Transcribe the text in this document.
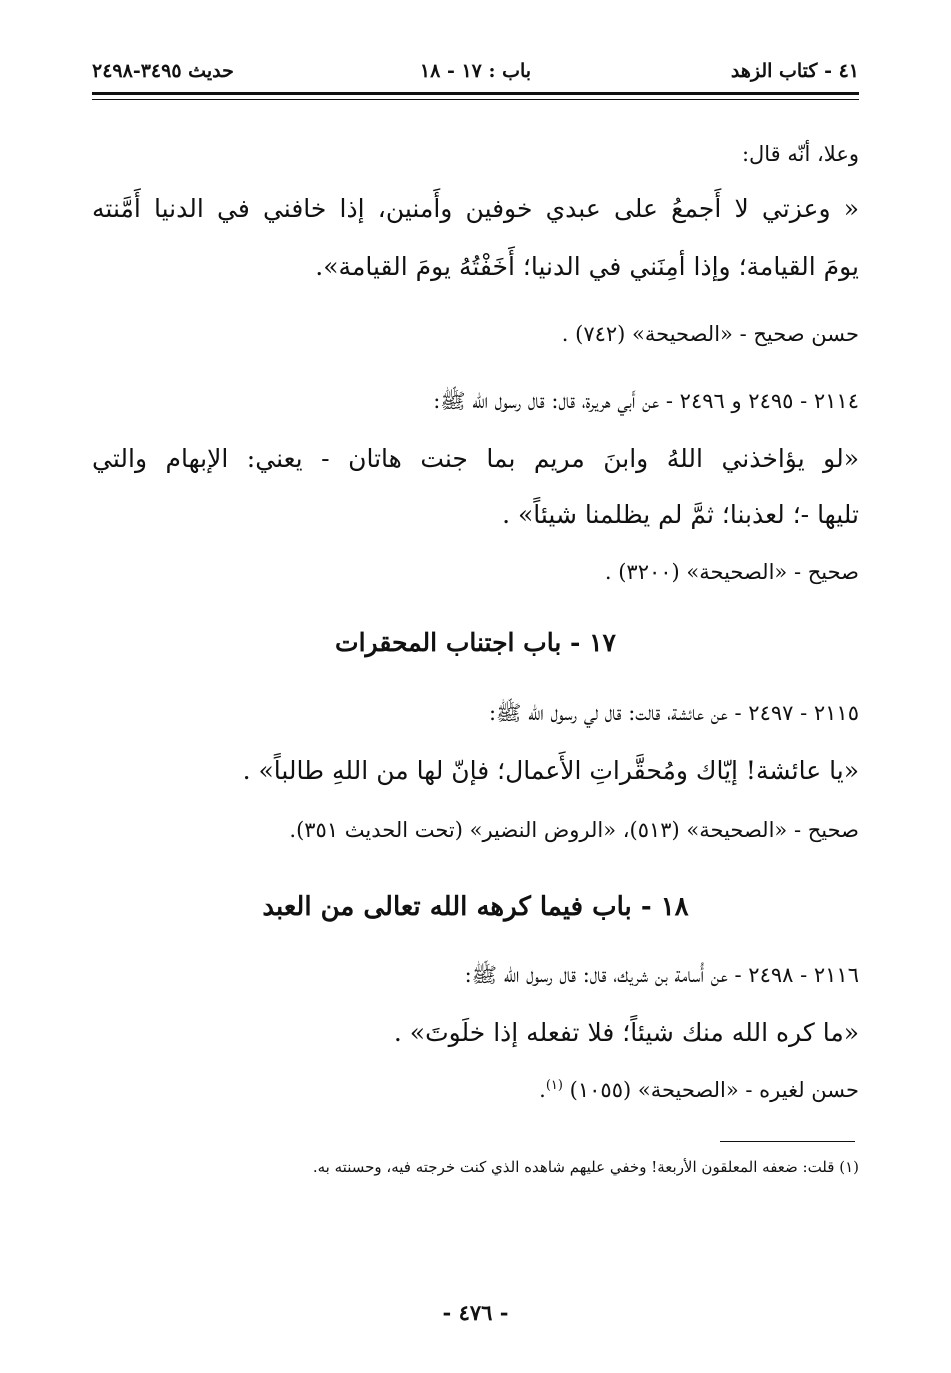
٤١ - كتاب الزهد
باب : ١٧ - ١٨
حديث ٣٤٩٥-٢٤٩٨
وعلا، أنّه قال:
« وعزتي لا أَجمعُ على عبدي خوفين وأَمنين، إذا خافني في الدنيا أَمَّنته
يومَ القيامة؛ وإذا أمِنَني في الدنيا؛ أَخَفْتُهُ يومَ القيامة».
حسن صحيح - «الصحيحة» (٧٤٢) .
٢١١٤ - ٢٤٩٥ و ٢٤٩٦ - عن أَبي هريرة، قال: قال رسول الله ﷺ:
«لو يؤاخذني اللهُ وابنَ مريم بما جنت هاتان - يعني: الإبهام والتي
تليها -؛ لعذبنا؛ ثمَّ لم يظلمنا شيئاً» .
صحيح - «الصحيحة» (٣٢٠٠) .
١٧ - باب اجتناب المحقرات
٢١١٥ - ٢٤٩٧ - عن عائشة، قالت: قال لي رسول الله ﷺ:
«يا عائشة! إيّاك ومُحقَّراتِ الأَعمال؛ فإنّ لها من اللهِ طالباً» .
صحيح - «الصحيحة» (٥١٣)، «الروض النضير» (تحت الحديث ٣٥١).
١٨ - باب فيما كرهه الله تعالى من العبد
٢١١٦ - ٢٤٩٨ - عن أُسامة بن شريك، قال: قال رسول الله ﷺ:
«ما كره الله منك شيئاً؛ فلا تفعله إذا خلَوتَ» .
حسن لغيره - «الصحيحة» (١٠٥٥) $^{(١)}$.
(١) قلت: ضعفه المعلقون الأربعة! وخفي عليهم شاهده الذي كنت خرجته فيه، وحسنته به.
- ٤٧٦ -
